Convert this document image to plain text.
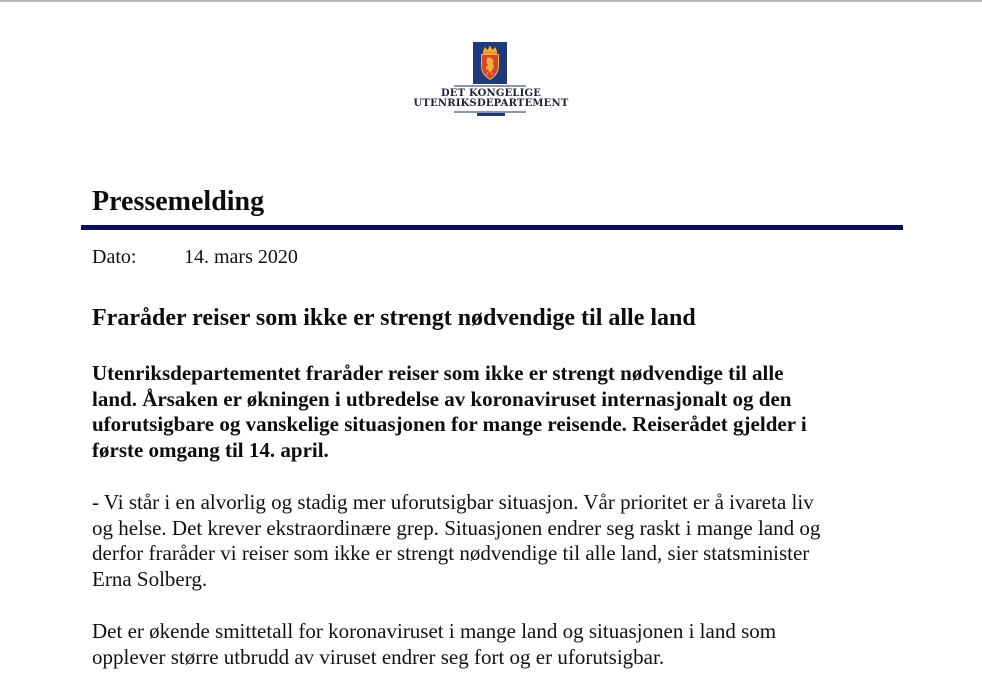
DET KONGELIGE
UTENRIKSDEPARTEMENT
Pressemelding
Dato: 14. mars 2020
Fraråder reiser som ikke er strengt nødvendige til alle land

Utenriksdepartementet fraråder reiser som ikke er strengt nødvendige til alle
land. Årsaken er økningen i utbredelse av koronaviruset internasjonalt og den
uforutsigbare og vanskelige situasjonen for mange reisende. Reiserådet gjelder i
første omgang til 14. april.

- Vi står i en alvorlig og stadig mer uforutsigbar situasjon. Vår prioritet er å ivareta liv
og helse. Det krever ekstraordinære grep. Situasjonen endrer seg raskt i mange land og
derfor fraråder vi reiser som ikke er strengt nødvendige til alle land, sier statsminister
Erna Solberg.

Det er økende smittetall for koronaviruset i mange land og situasjonen i land som
opplever større utbrudd av viruset endrer seg fort og er uforutsigbar.
